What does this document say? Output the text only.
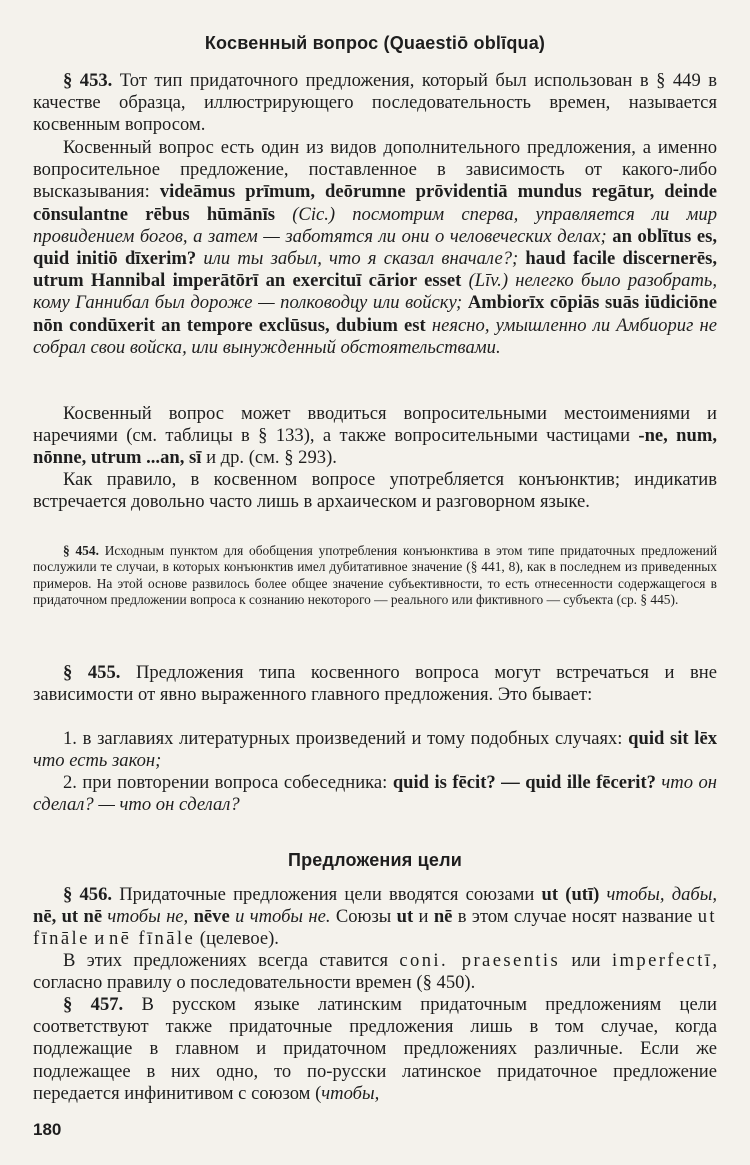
Косвенный вопрос (Quaestiō oblīqua)

§ 453. Тот тип придаточного предложения, который был использован в § 449 в качестве образца, иллюстрирующего последовательность времен, называется косвенным вопросом.

Косвенный вопрос есть один из видов дополнительного предложения, а именно вопросительное предложение, поставленное в зависимость от какого-либо высказывания: videāmus prīmum, deōrumne prōvidentiā mundus regātur, deinde cōnsulantne rēbus hūmānīs (Cic.) посмотрим сперва, управляется ли мир провидением богов, а затем — заботятся ли они о человеческих делах; an oblītus es, quid initiō dīxerim? или ты забыл, что я сказал вначале?; haud facile discernerēs, utrum Hannibal imperātōrī an exercituī cārior esset (Līv.) нелегко было разобрать, кому Ганнибал был дороже — полководцу или войску; Ambiorīx cōpiās suās iūdiciōne nōn condūxerit an tempore exclūsus, dubium est неясно, умышленно ли Амбиориг не собрал свои войска, или вынужденный обстоятельствами.

Косвенный вопрос может вводиться вопросительными местоимениями и наречиями (см. таблицы в § 133), а также вопросительными частицами -ne, num, nōnne, utrum ...an, sī и др. (см. § 293).

Как правило, в косвенном вопросе употребляется конъюнктив; индикатив встречается довольно часто лишь в архаическом и разговорном языке.

§ 454. Исходным пунктом для обобщения употребления конъюнктива в этом типе придаточных предложений послужили те случаи, в которых конъюнктив имел дубитативное значение (§ 441, 8), как в последнем из приведенных примеров. На этой основе развилось более общее значение субъективности, то есть отнесенности содержащегося в придаточном предложении вопроса к сознанию некоторого — реального или фиктивного — субъекта (ср. § 445).

§ 455. Предложения типа косвенного вопроса могут встречаться и вне зависимости от явно выраженного главного предложения. Это бывает:

1. в заглавиях литературных произведений и тому подобных случаях: quid sit lēx что есть закон;

2. при повторении вопроса собеседника: quid is fēcit? — quid ille fēcerit? что он сделал? — что он сделал?

Предложения цели

§ 456. Придаточные предложения цели вводятся союзами ut (utī) чтобы, дабы, nē, ut nē чтобы не, nēve и чтобы не. Союзы ut и nē в этом случае носят название ut fīnāle и nē fīnāle (целевое).

В этих предложениях всегда ставится coni. praesentis или imperfectī, согласно правилу о последовательности времен (§ 450).

§ 457. В русском языке латинским придаточным предложениям цели соответствуют также придаточные предложения лишь в том случае, когда подлежащие в главном и придаточном предложениях различные. Если же подлежащее в них одно, то по-русски латинское придаточное предложение передается инфинитивом с союзом (чтобы,

180
